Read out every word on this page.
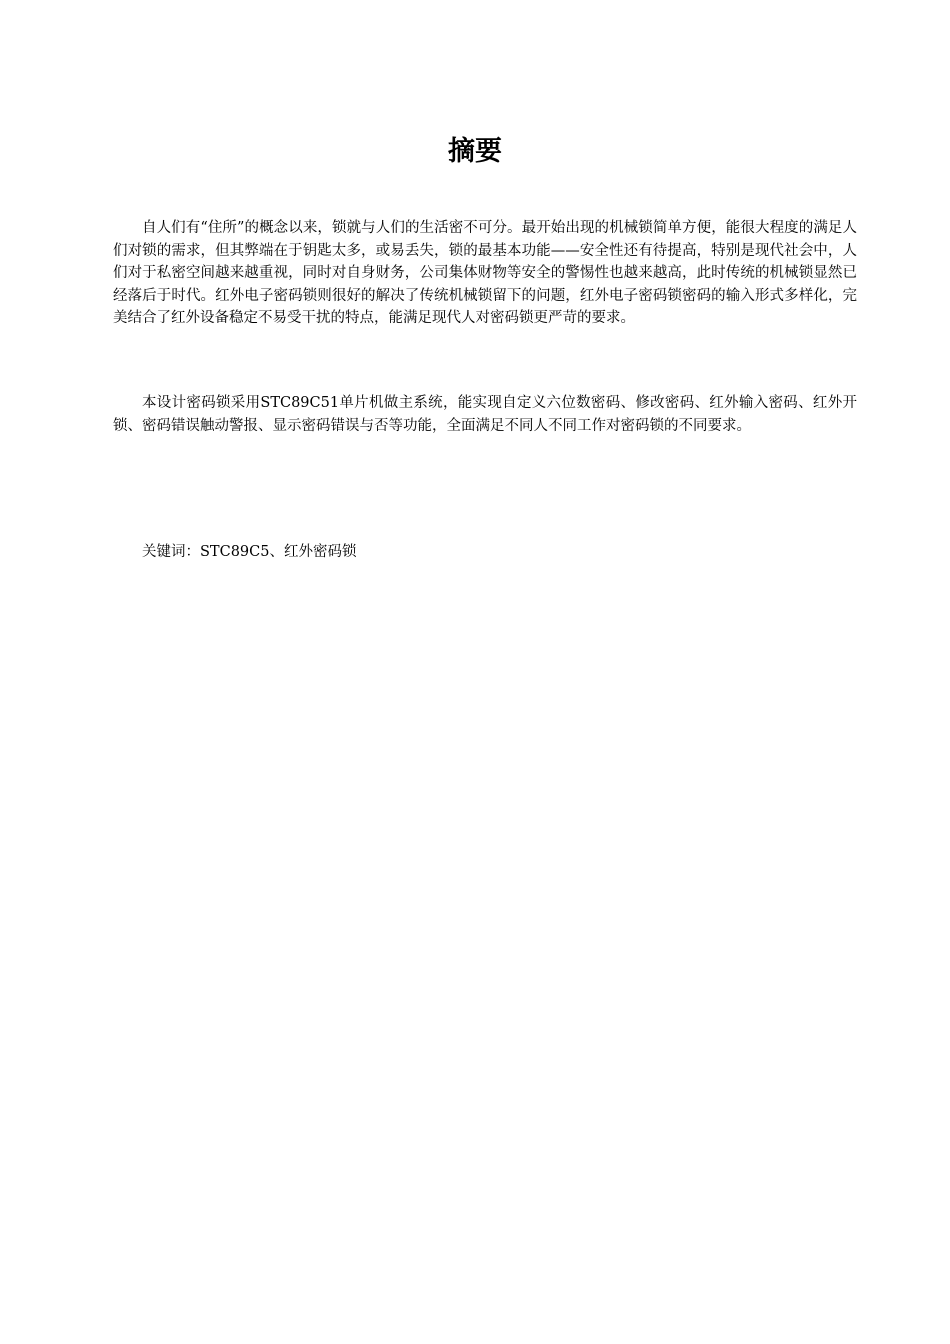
摘要

自人们有“住所”的概念以来，锁就与人们的生活密不可分。最开始出现的机械锁简单方便，能很大程度的满足人们对锁的需求，但其弊端在于钥匙太多，或易丢失，锁的最基本功能——安全性还有待提高，特别是现代社会中，人们对于私密空间越来越重视，同时对自身财务，公司集体财物等安全的警惕性也越来越高，此时传统的机械锁显然已经落后于时代。红外电子密码锁则很好的解决了传统机械锁留下的问题，红外电子密码锁密码的输入形式多样化，完美结合了红外设备稳定不易受干扰的特点，能满足现代人对密码锁更严苛的要求。

本设计密码锁采用STC89C51单片机做主系统，能实现自定义六位数密码、修改密码、红外输入密码、红外开锁、密码错误触动警报、显示密码错误与否等功能，全面满足不同人不同工作对密码锁的不同要求。

关键词：STC89C5、红外密码锁
